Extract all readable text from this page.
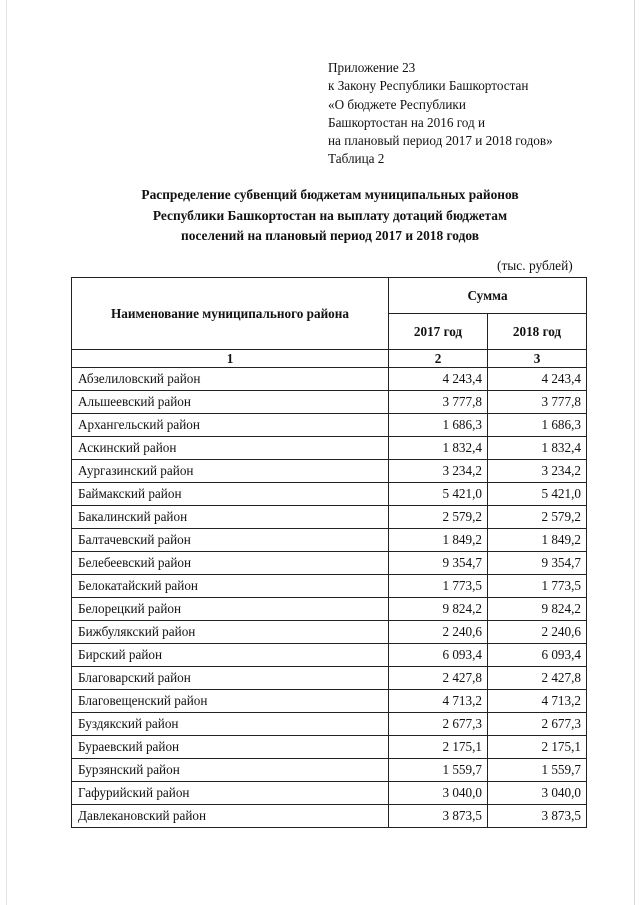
Приложение 23
к Закону Республики Башкортостан
«О бюджете Республики
Башкортостан на 2016 год и
на плановый период 2017 и 2018 годов»
Таблица 2
Распределение субвенций бюджетам муниципальных районов
Республики Башкортостан на выплату дотаций бюджетам
поселений на плановый период 2017 и 2018 годов
(тыс. рублей)
Наименование муниципального района	Сумма	
	2017 год	2018 год
1	2	3
Абзелиловский район	4 243,4	4 243,4
Альшеевский район	3 777,8	3 777,8
Архангельский район	1 686,3	1 686,3
Аскинский район	1 832,4	1 832,4
Аургазинский район	3 234,2	3 234,2
Баймакский район	5 421,0	5 421,0
Бакалинский район	2 579,2	2 579,2
Балтачевский район	1 849,2	1 849,2
Белебеевский район	9 354,7	9 354,7
Белокатайский район	1 773,5	1 773,5
Белорецкий район	9 824,2	9 824,2
Бижбулякский район	2 240,6	2 240,6
Бирский район	6 093,4	6 093,4
Благоварский район	2 427,8	2 427,8
Благовещенский район	4 713,2	4 713,2
Буздякский район	2 677,3	2 677,3
Бураевский район	2 175,1	2 175,1
Бурзянский район	1 559,7	1 559,7
Гафурийский район	3 040,0	3 040,0
Давлекановский район	3 873,5	3 873,5
